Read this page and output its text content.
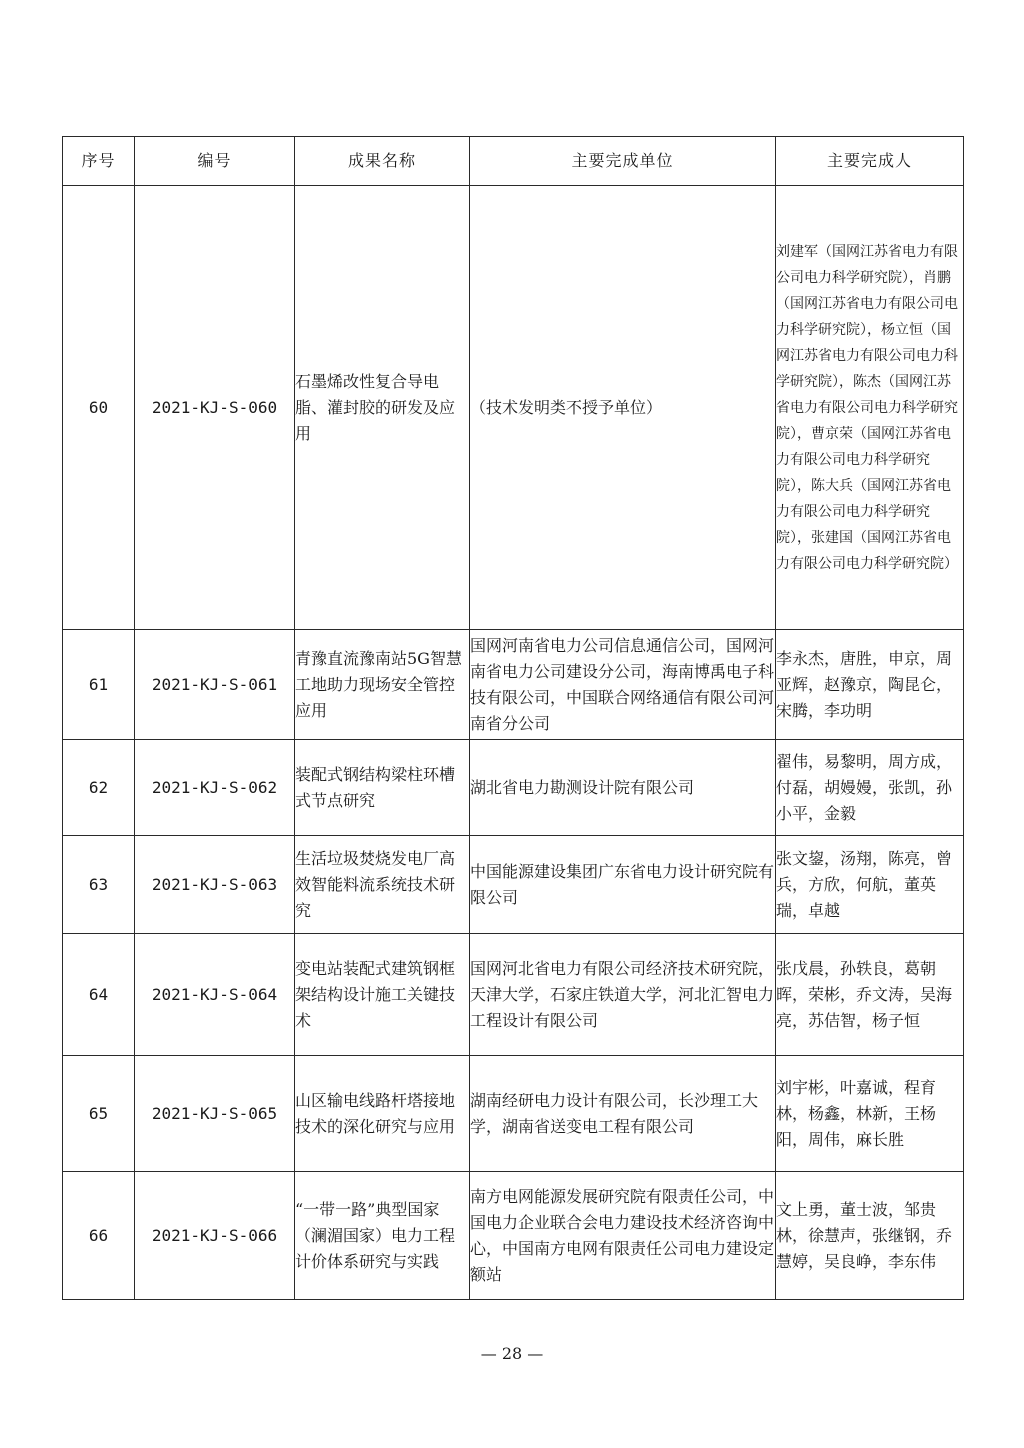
序号	编号	成果名称	主要完成单位	主要完成人
60	2021-KJ-S-060	石墨烯改性复合导电脂、灌封胶的研发及应用	（技术发明类不授予单位）	刘建军（国网江苏省电力有限公司电力科学研究院），肖鹏（国网江苏省电力有限公司电力科学研究院），杨立恒（国网江苏省电力有限公司电力科学研究院），陈杰（国网江苏省电力有限公司电力科学研究院），曹京荣（国网江苏省电力有限公司电力科学研究院），陈大兵（国网江苏省电力有限公司电力科学研究院），张建国（国网江苏省电力有限公司电力科学研究院）

61	2021-KJ-S-061	青豫直流豫南站5G智慧工地助力现场安全管控应用	国网河南省电力公司信息通信公司，国网河南省电力公司建设分公司，海南博禹电子科技有限公司，中国联合网络通信有限公司河南省分公司	李永杰，唐胜，申京，周亚辉，赵豫京，陶昆仑，宋腾，李功明

62	2021-KJ-S-062	装配式钢结构梁柱环槽式节点研究	湖北省电力勘测设计院有限公司	翟伟，易黎明，周方成，付磊，胡嫚嫚，张凯，孙小平，金毅

63	2021-KJ-S-063	生活垃圾焚烧发电厂高效智能料流系统技术研究	中国能源建设集团广东省电力设计研究院有限公司	张文鋆，汤翔，陈亮，曾兵，方欣，何航，董英瑞，卓越

64	2021-KJ-S-064	变电站装配式建筑钢框架结构设计施工关键技术	国网河北省电力有限公司经济技术研究院，天津大学，石家庄铁道大学，河北汇智电力工程设计有限公司	张戊晨，孙轶良，葛朝晖，荣彬，乔文涛，吴海亮，苏佶智，杨子恒

65	2021-KJ-S-065	山区输电线路杆塔接地技术的深化研究与应用	湖南经研电力设计有限公司，长沙理工大学，湖南省送变电工程有限公司	刘宇彬，叶嘉诚，程育林，杨鑫，林新，王杨阳，周伟，麻长胜

66	2021-KJ-S-066	“一带一路”典型国家（澜湄国家）电力工程计价体系研究与实践	南方电网能源发展研究院有限责任公司，中国电力企业联合会电力建设技术经济咨询中心，中国南方电网有限责任公司电力建设定额站	文上勇，董士波，邹贵林，徐慧声，张继钢，乔慧婷，吴良峥，李东伟
— 28 —
